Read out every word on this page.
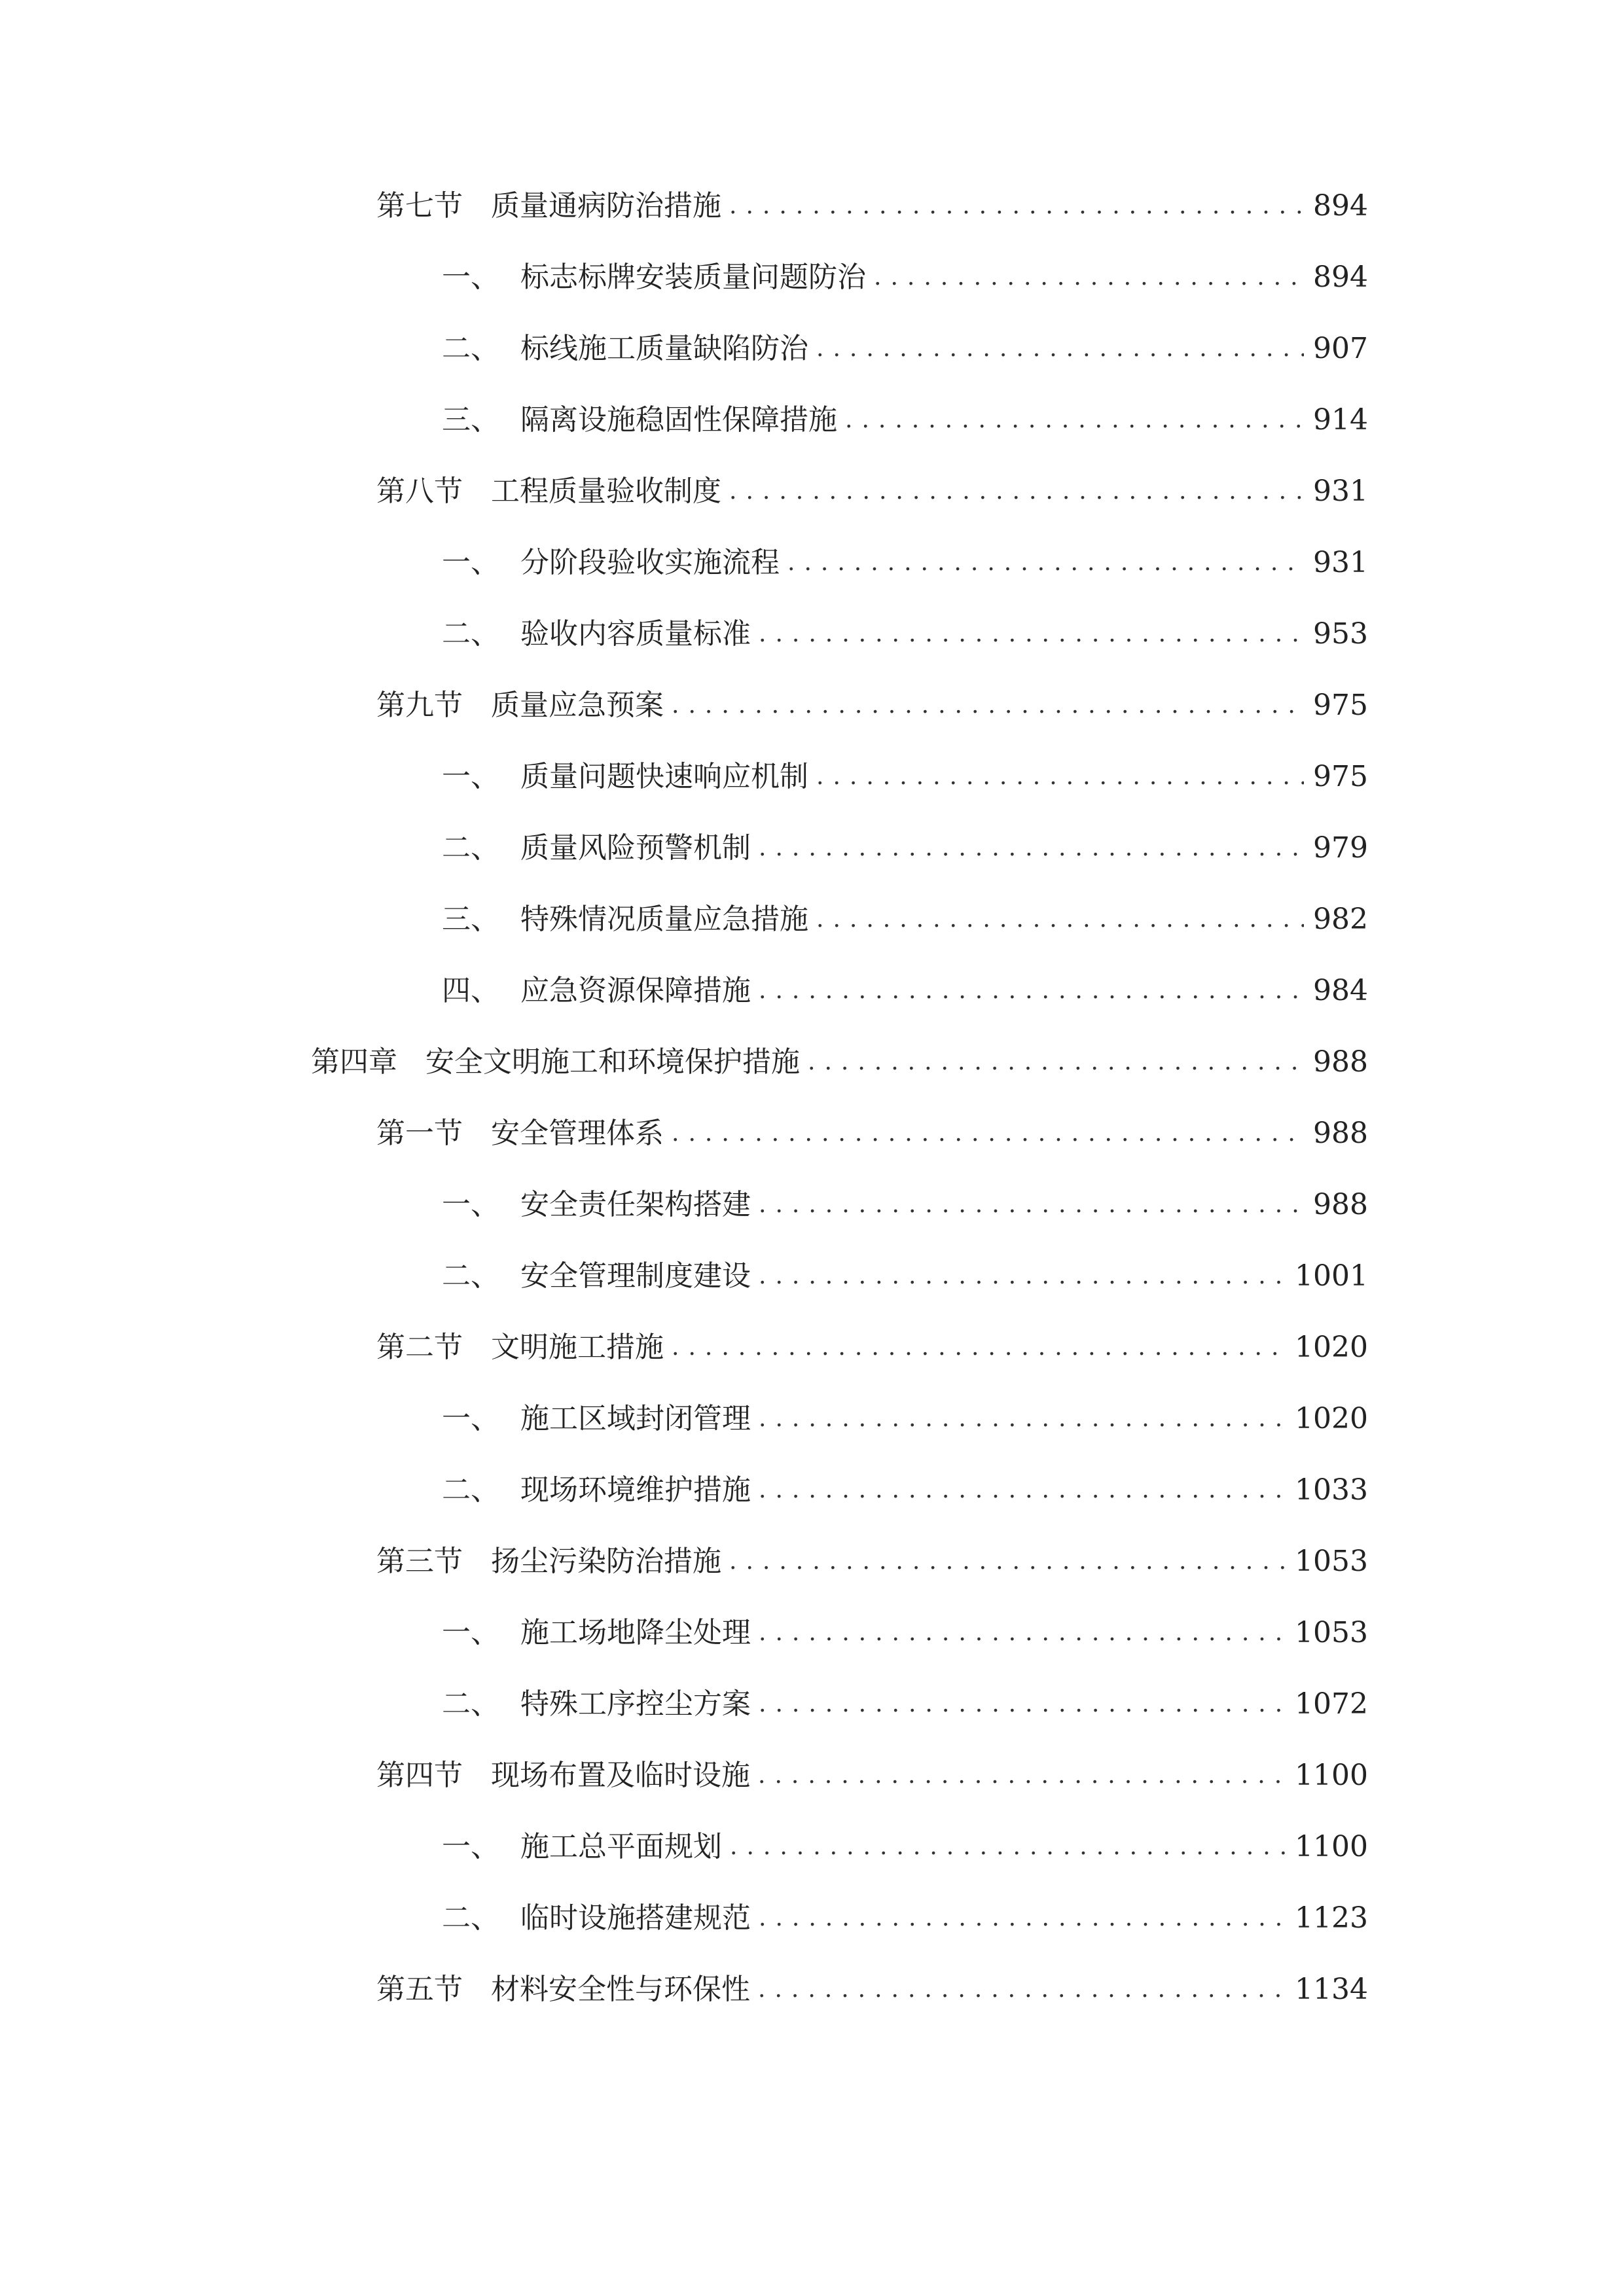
第七节 质量通病防治措施 .....	894
一、 标志标牌安装质量问题防治 .....	894
二、 标线施工质量缺陷防治 .....	907
三、 隔离设施稳固性保障措施 .....	914
第八节 工程质量验收制度 .....	931
一、 分阶段验收实施流程 .....	931
二、 验收内容质量标准 .....	953
第九节 质量应急预案 .....	975
一、 质量问题快速响应机制 .....	975
二、 质量风险预警机制 .....	979
三、 特殊情况质量应急措施 .....	982
四、 应急资源保障措施 .....	984
第四章 安全文明施工和环境保护措施 .....	988
第一节 安全管理体系 .....	988
一、 安全责任架构搭建 .....	988
二、 安全管理制度建设 .....	1001
第二节 文明施工措施 .....	1020
一、 施工区域封闭管理 .....	1020
二、 现场环境维护措施 .....	1033
第三节 扬尘污染防治措施 .....	1053
一、 施工场地降尘处理 .....	1053
二、 特殊工序控尘方案 .....	1072
第四节 现场布置及临时设施 .....	1100
一、 施工总平面规划 .....	1100
二、 临时设施搭建规范 .....	1123
第五节 材料安全性与环保性 .....	1134
